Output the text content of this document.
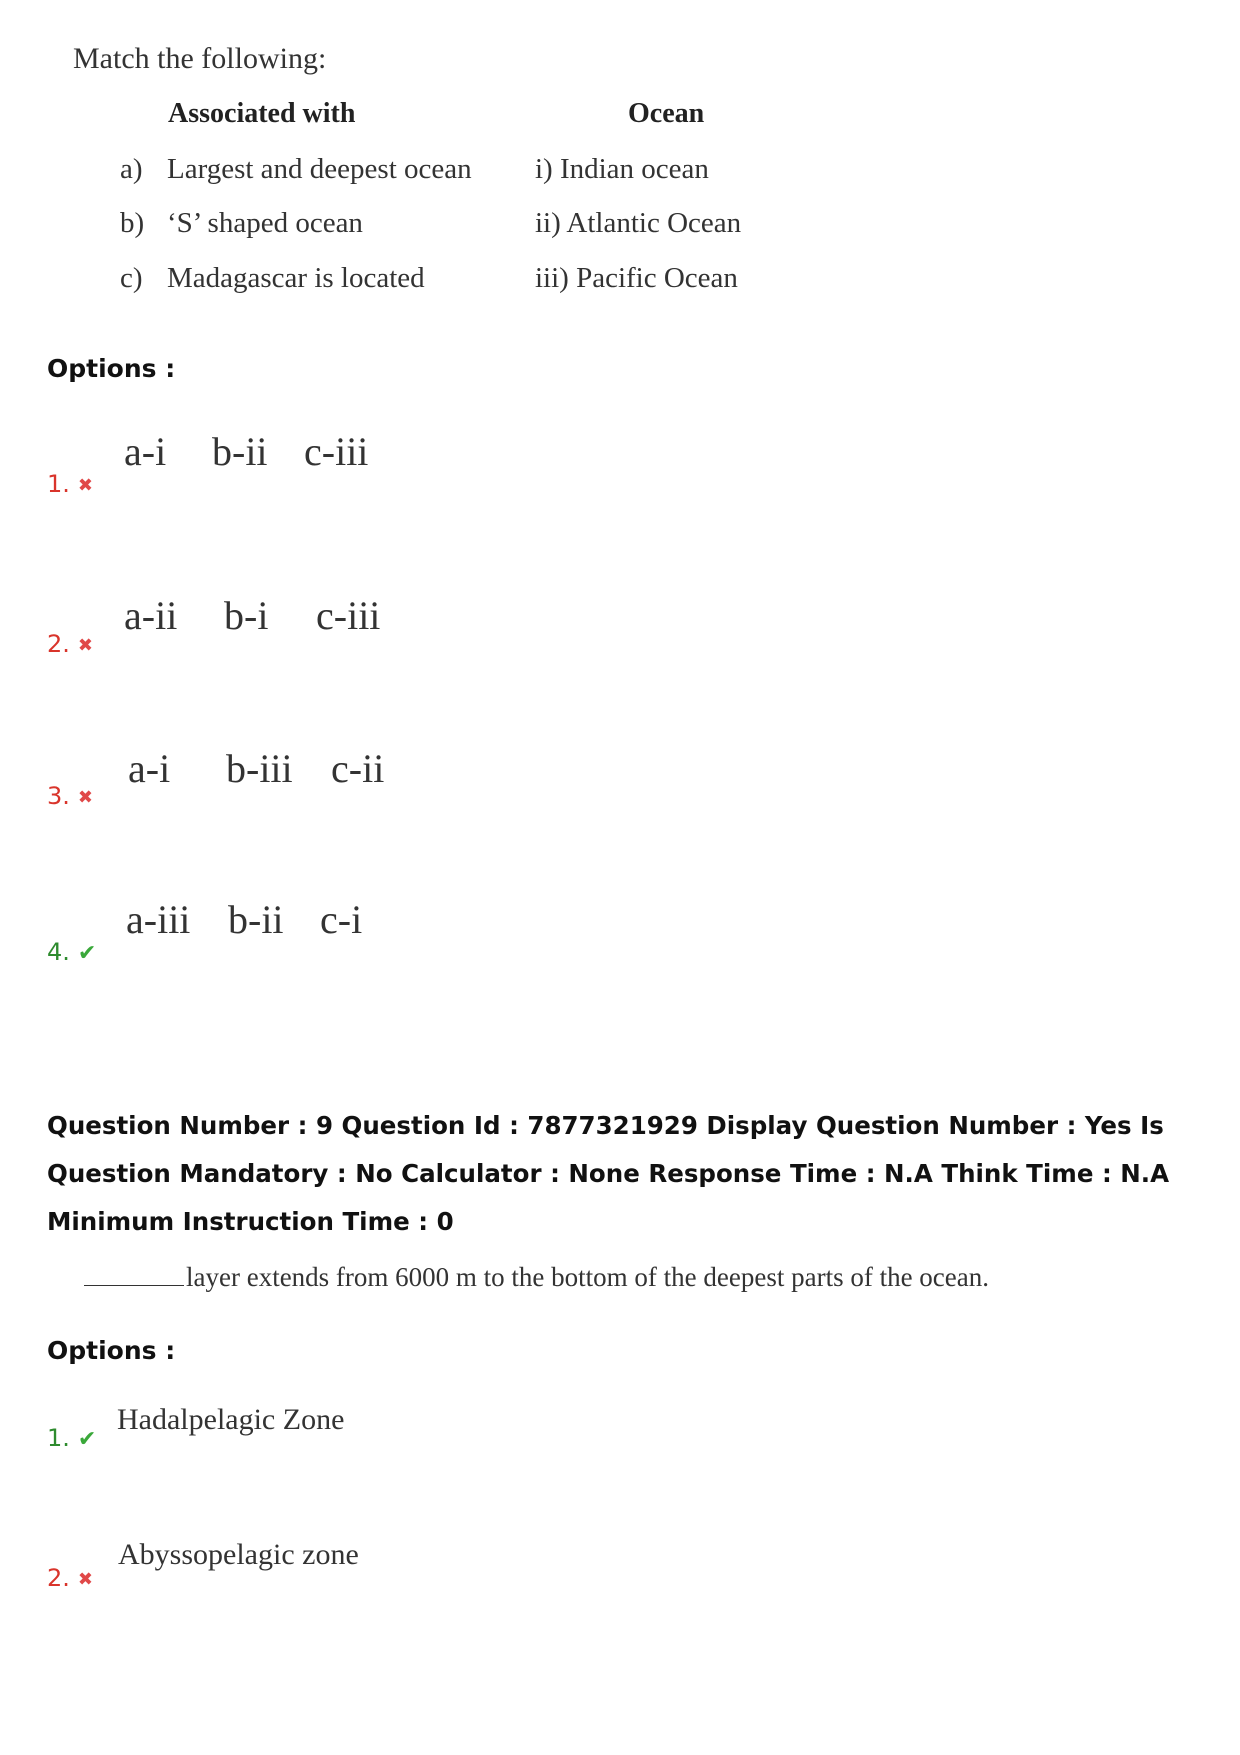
Match the following:
Associated with	Ocean
a) Largest and deepest ocean i) Indian ocean
b) ‘S’ shaped ocean	ii) Atlantic Ocean
c) Madagascar is located	iii) Pacific Ocean
Options :
1. ✖
a-i b-ii c-iii
2. ✖
a-ii b-i c-iii
3. ✖
a-i b-iii c-ii
4. ✔
a-iii b-ii c-i
Question Number : 9 Question Id : 7877321929 Display Question Number : Yes Is Question Mandatory : No Calculator : None Response Time : N.A Think Time : N.A Minimum Instruction Time : 0
layer extends from 6000 m to the bottom of the deepest parts of the ocean.
Options :
1. ✔
Hadalpelagic Zone
2. ✖
Abyssopelagic zone
